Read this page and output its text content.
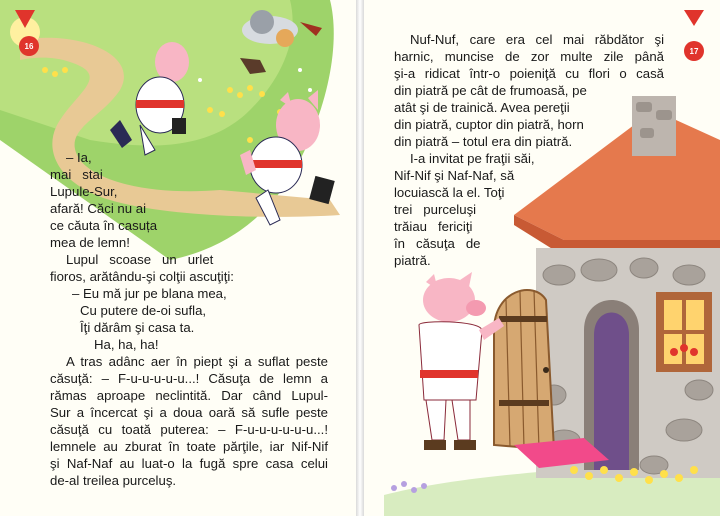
16
– Ia,
mai   stai
Lupule-Sur,
afară! Căci nu ai
ce căuta în casuța
mea de lemn!
Lupul   scoase   un   urlet
fioros, arătându-şi colţii ascuţiţi:
– Eu mă jur pe blana mea,
Cu putere de-oi sufla,
Îţi dărâm şi casa ta.
Ha, ha, ha!
A tras adânc aer în piept şi a suflat peste
căsuţă: – F-u-u-u-u-u...! Căsuţa de lemn a
rămas aproape neclintită. Dar când Lupul-
Sur a încercat şi a doua oară să sufle peste
căsuţă cu toată puterea: – F-u-u-u-u-u-u...!
lemnele au zburat în toate părţile, iar Nif-Nif
şi Naf-Naf au luat-o la fugă spre casa celui
de-al treilea purceluş.
17
Nuf-Nuf, care era cel mai răbdător şi
harnic, muncise de zor multe zile până
şi-a ridicat într-o poieniţă cu flori o casă
din piatră pe cât de frumoasă, pe
atât şi de trainică. Avea pereţii
din piatră, cuptor din piatră, horn
din piatră – totul era din piatră.
I-a invitat pe fraţii săi,
Nif-Nif şi Naf-Naf, să
locuiască la el. Toţi
trei   purceluşi
trăiau   fericiţi
în   căsuţa   de
piatră.
